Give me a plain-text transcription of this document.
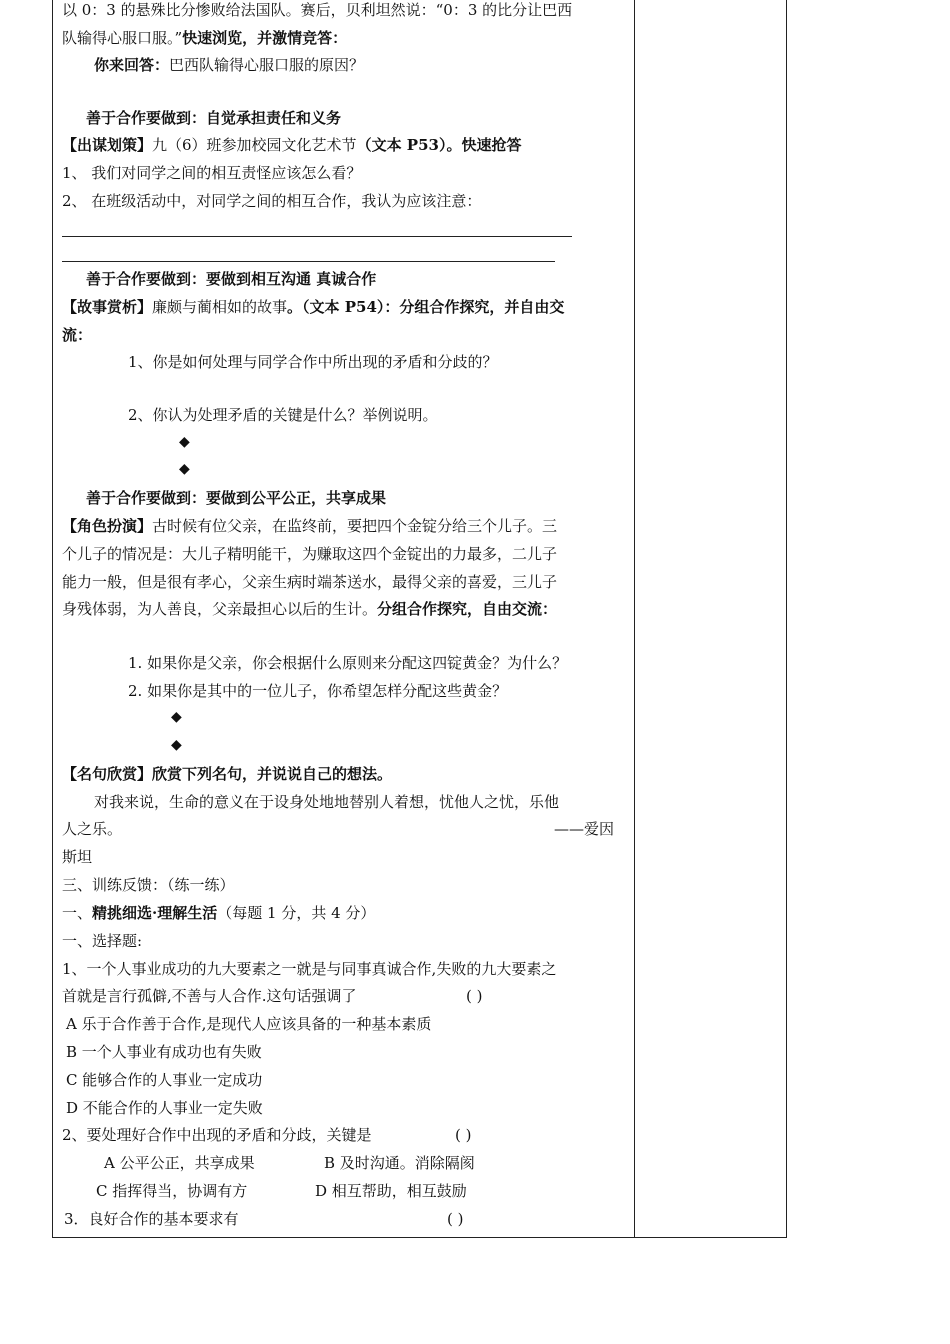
以 0：3 的悬殊比分惨败给法国队。赛后，贝利坦然说：“0：3 的比分让巴西
队输得心服口服。”快速浏览，并激情竞答：
你来回答：巴西队输得心服口服的原因？
善于合作要做到：自觉承担责任和义务
【出谋划策】九（6）班参加校园文化艺术节（文本 P53）。快速抢答
1、 我们对同学之间的相互责怪应该怎么看？
2、 在班级活动中，对同学之间的相互合作，我认为应该注意：
善于合作要做到：要做到相互沟通 真诚合作
【故事赏析】廉颇与蔺相如的故事。（文本 P54）：分组合作探究，并自由交
流：
1、你是如何处理与同学合作中所出现的矛盾和分歧的？
2、你认为处理矛盾的关键是什么？举例说明。
◆
◆
善于合作要做到：要做到公平公正，共享成果
【角色扮演】古时候有位父亲，在监终前，要把四个金锭分给三个儿子。三
个儿子的情况是：大儿子精明能干，为赚取这四个金锭出的力最多，二儿子
能力一般，但是很有孝心，父亲生病时端茶送水，最得父亲的喜爱，三儿子
身残体弱，为人善良，父亲最担心以后的生计。分组合作探究，自由交流：
1. 如果你是父亲，你会根据什么原则来分配这四锭黄金？为什么？
2. 如果你是其中的一位儿子，你希望怎样分配这些黄金？
◆
◆
【名句欣赏】欣赏下列名句，并说说自己的想法。
对我来说，生命的意义在于设身处地地替别人着想，忧他人之忧，乐他
人之乐。	——爱因
斯坦
三、训练反馈：（练一练）
一、精挑细选·理解生活（每题 1 分，共 4 分）
一、选择题:
1、一个人事业成功的九大要素之一就是与同事真诚合作,失败的九大要素之
首就是言行孤僻,不善与人合作.这句话强调了	( )
A 乐于合作善于合作,是现代人应该具备的一种基本素质
B 一个人事业有成功也有失败
C 能够合作的人事业一定成功
D 不能合作的人事业一定失败
2、要处理好合作中出现的矛盾和分歧，关键是	( )
A 公平公正，共享成果	B 及时沟通。消除隔阂
C 指挥得当，协调有方	D 相互帮助，相互鼓励
3．良好合作的基本要求有	( )
